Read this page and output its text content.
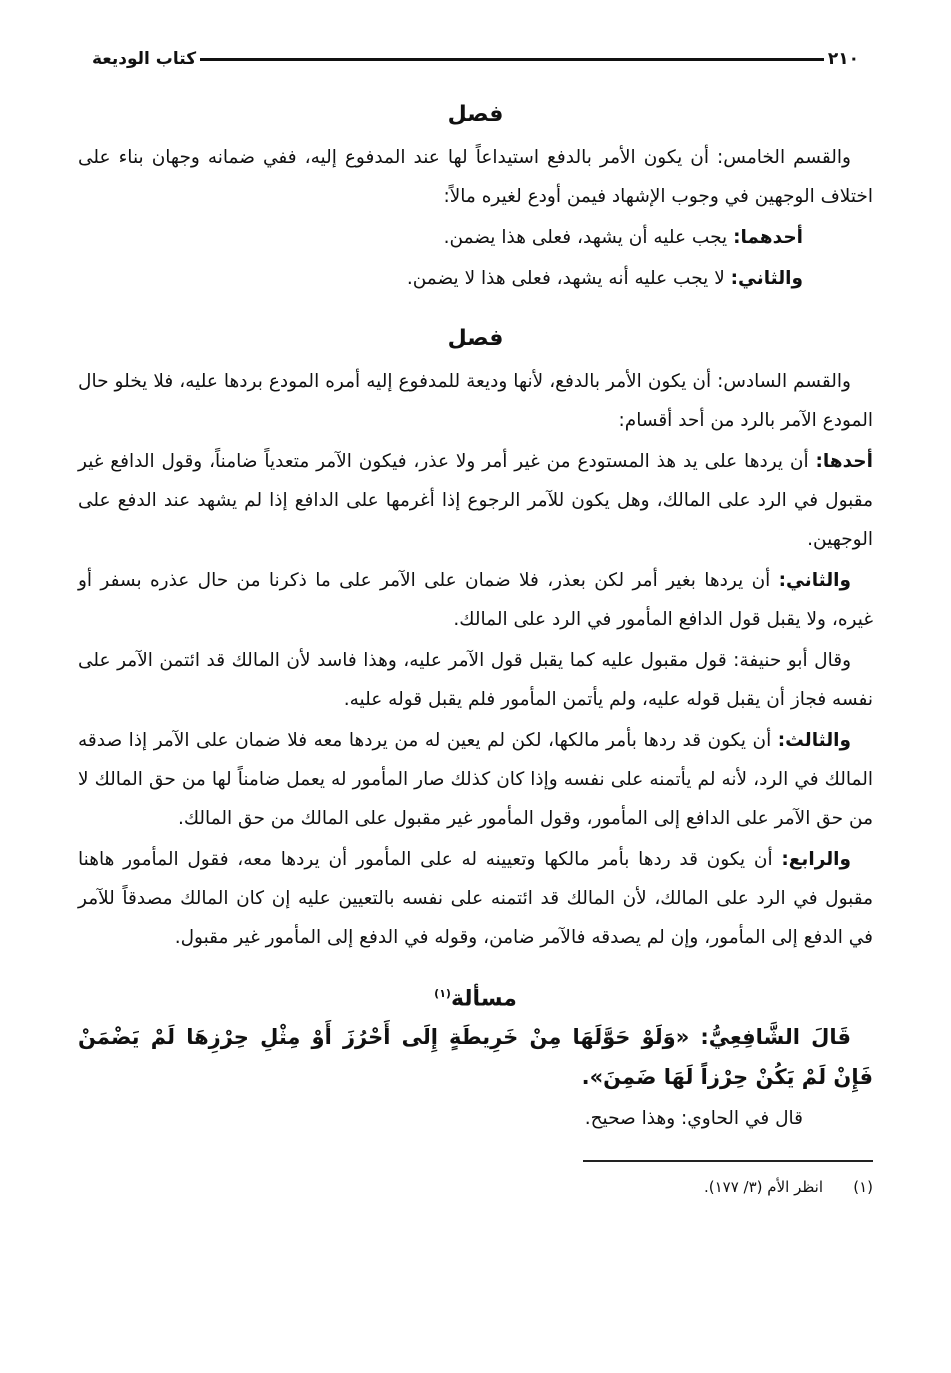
٢١٠
كتاب الوديعة
فصل

والقسم الخامس: أن يكون الأمر بالدفع استيداعاً لها عند المدفوع إليه، ففي ضمانه وجهان بناء على اختلاف الوجهين في وجوب الإشهاد فيمن أودع لغيره مالاً:

أحدهما: يجب عليه أن يشهد، فعلى هذا يضمن.

والثاني: لا يجب عليه أنه يشهد، فعلى هذا لا يضمن.

فصل

والقسم السادس: أن يكون الأمر بالدفع، لأنها وديعة للمدفوع إليه أمره المودع بردها عليه، فلا يخلو حال المودع الآمر بالرد من أحد أقسام:

أحدها: أن يردها على يد هذ المستودع من غير أمر ولا عذر، فيكون الآمر متعدياً ضامناً، وقول الدافع غير مقبول في الرد على المالك، وهل يكون للآمر الرجوع إذا أغرمها على الدافع إذا لم يشهد عند الدفع على الوجهين.

والثاني: أن يردها بغير أمر لكن بعذر، فلا ضمان على الآمر على ما ذكرنا من حال عذره بسفر أو غيره، ولا يقبل قول الدافع المأمور في الرد على المالك.

وقال أبو حنيفة: قول مقبول عليه كما يقبل قول الآمر عليه، وهذا فاسد لأن المالك قد ائتمن الآمر على نفسه فجاز أن يقبل قوله عليه، ولم يأتمن المأمور فلم يقبل قوله عليه.

والثالث: أن يكون قد ردها بأمر مالكها، لكن لم يعين له من يردها معه فلا ضمان على الآمر إذا صدقه المالك في الرد، لأنه لم يأتمنه على نفسه وإذا كان كذلك صار المأمور له يعمل ضامناً لها من حق المالك لا من حق الآمر على الدافع إلى المأمور، وقول المأمور غير مقبول على المالك من حق المالك.

والرابع: أن يكون قد ردها بأمر مالكها وتعيينه له على المأمور أن يردها معه، فقول المأمور هاهنا مقبول في الرد على المالك، لأن المالك قد ائتمنه على نفسه بالتعيين عليه إن كان المالك مصدقاً للآمر في الدفع إلى المأمور، وإن لم يصدقه فالآمر ضامن، وقوله في الدفع إلى المأمور غير مقبول.

مسألة$^{(١)}$

قَالَ الشَّافِعِيُّ: «وَلَوْ حَوَّلَهَا مِنْ خَرِيطَةٍ إِلَى أَحْرُزَ أَوْ مِثْلِ حِرْزِهَا لَمْ يَضْمَنْ فَإِنْ لَمْ يَكُنْ حِرْزاً لَهَا ضَمِنَ».

قال في الحاوي: وهذا صحيح.

(١)انظر الأم (٣/ ١٧٧).
